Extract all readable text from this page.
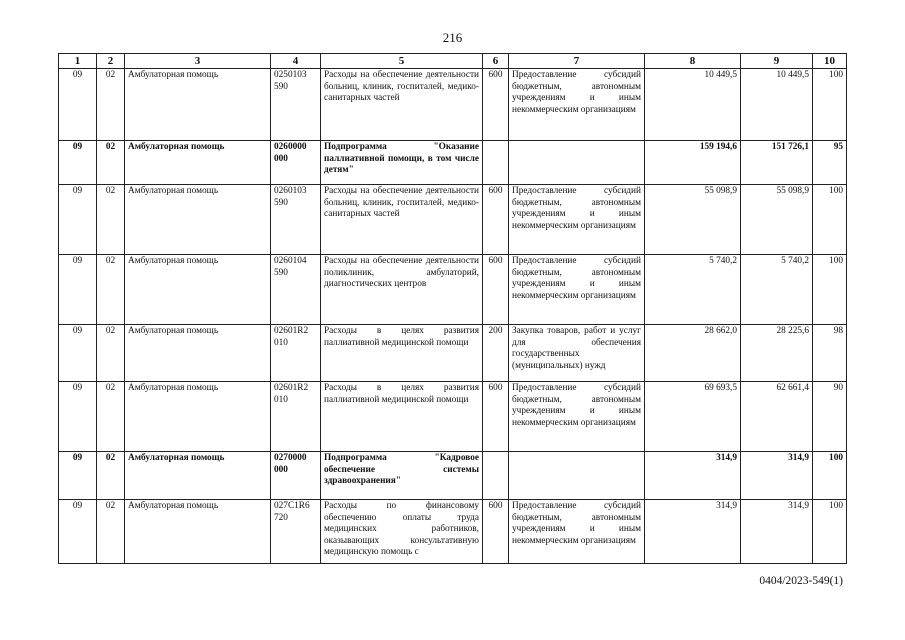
216
1	2	3	4	5	6	7	8	9	10
09	02	Амбулаторная помощь	0250103 590	Расходы на обеспечение деятельности больниц, клиник, госпиталей, медико-санитарных частей	600	Предоставление субсидий бюджетным, автономным учреждениям и иным некоммерческим организациям	10 449,5	10 449,5	100
09	02	Амбулаторная помощь	0260000 000	Подпрограмма "Оказание паллиативной помощи, в том числе детям"			159 194,6	151 726,1	95
09	02	Амбулаторная помощь	0260103 590	Расходы на обеспечение деятельности больниц, клиник, госпиталей, медико-санитарных частей	600	Предоставление субсидий бюджетным, автономным учреждениям и иным некоммерческим организациям	55 098,9	55 098,9	100
09	02	Амбулаторная помощь	0260104 590	Расходы на обеспечение деятельности поликлиник, амбулаторий, диагностических центров	600	Предоставление субсидий бюджетным, автономным учреждениям и иным некоммерческим организациям	5 740,2	5 740,2	100
09	02	Амбулаторная помощь	02601R2 010	Расходы в целях развития паллиативной медицинской помощи	200	Закупка товаров, работ и услуг для обеспечения государственных (муниципальных) нужд	28 662,0	28 225,6	98
09	02	Амбулаторная помощь	02601R2 010	Расходы в целях развития паллиативной медицинской помощи	600	Предоставление субсидий бюджетным, автономным учреждениям и иным некоммерческим организациям	69 693,5	62 661,4	90
09	02	Амбулаторная помощь	0270000 000	Подпрограмма "Кадровое обеспечение системы здравоохранения"			314,9	314,9	100
09	02	Амбулаторная помощь	027C1R6 720	Расходы по финансовому обеспечению оплаты труда медицинских работников, оказывающих консультативную медицинскую помощь с	600	Предоставление субсидий бюджетным, автономным учреждениям и иным некоммерческим организациям	314,9	314,9	100
0404/2023-549(1)
